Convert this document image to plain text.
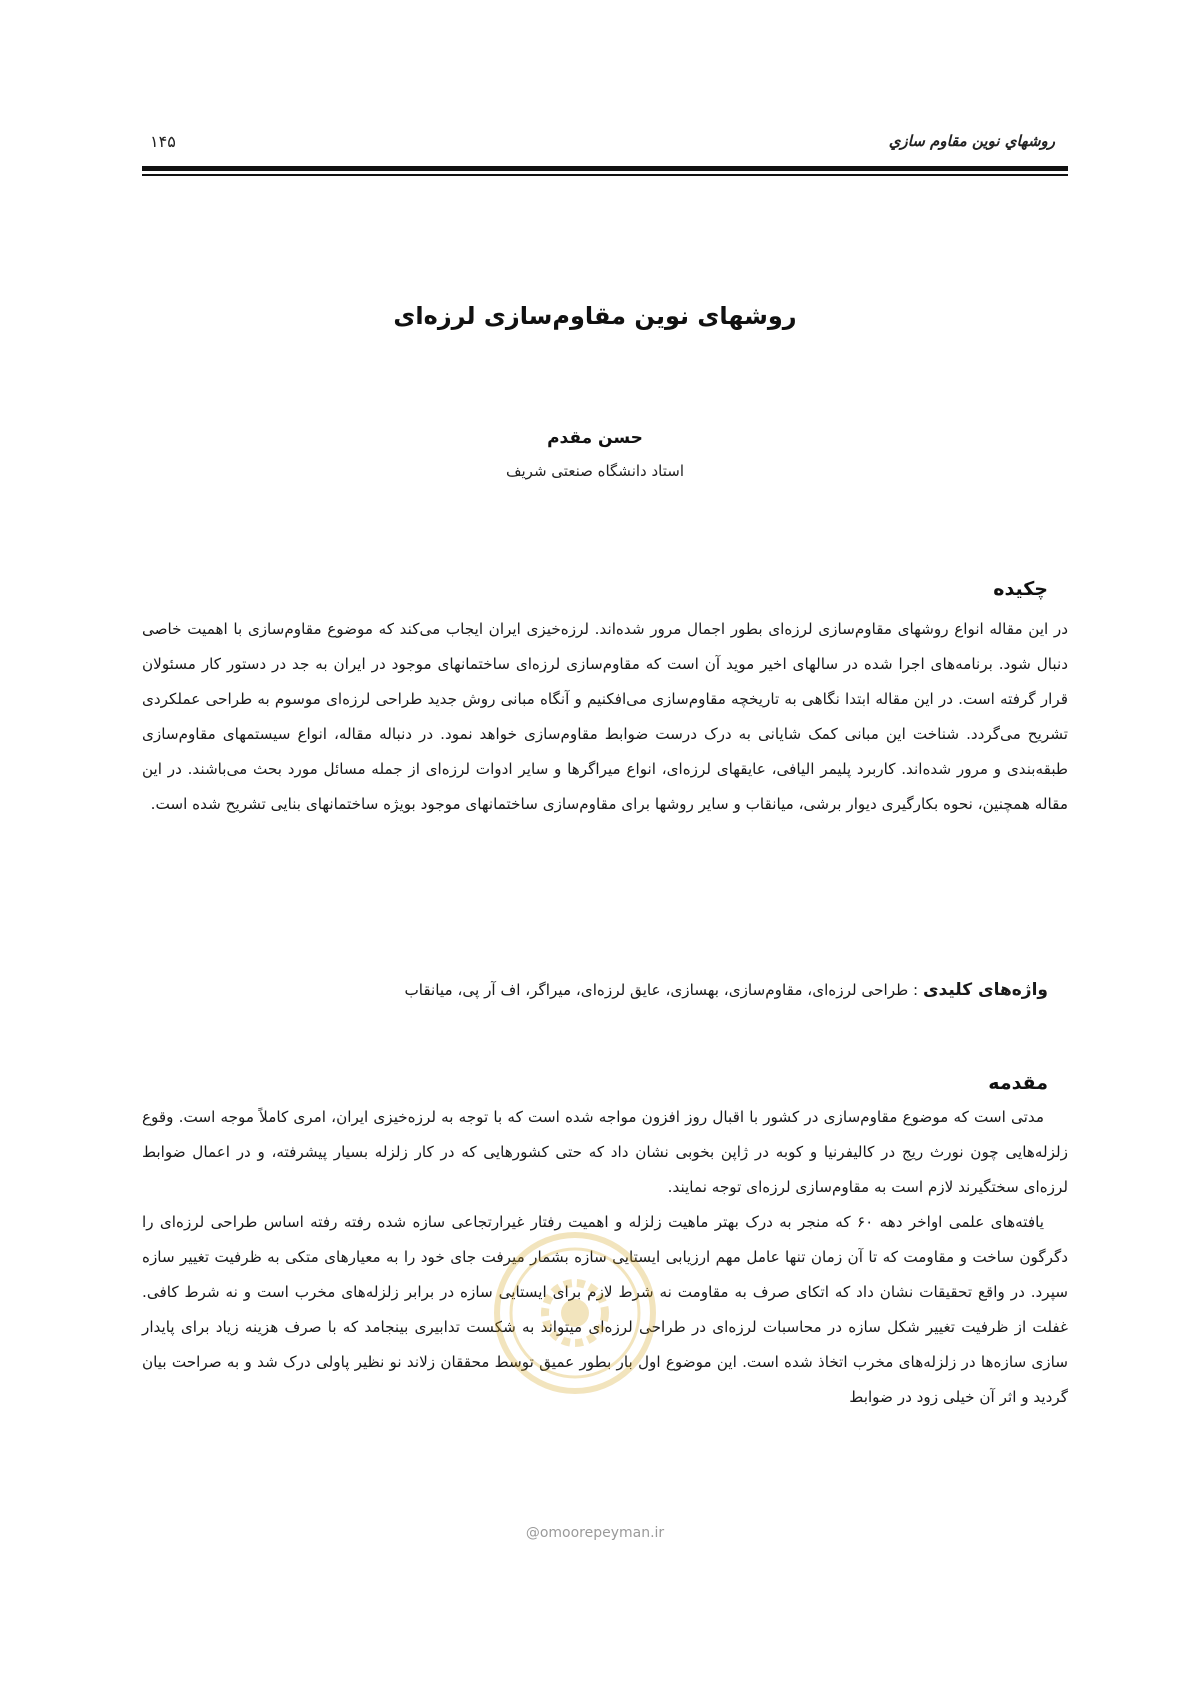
روشهاي نوين مقاوم سازي
۱۴۵
روشهای نوین مقاوم‌سازی لرزه‌ای
حسن مقدم
استاد دانشگاه صنعتی شریف
چکیده

در این مقاله انواع روشهای مقاوم‌سازی لرزه‌ای بطور اجمال مرور شده‌اند. لرزه‌خیزی ایران ایجاب می‌کند که موضوع مقاوم‌سازی با اهمیت خاصی دنبال شود. برنامه‌های اجرا شده در سالهای اخیر موید آن است که مقاوم‌سازی لرزه‌ای ساختمانهای موجود در ایران به جد در دستور کار مسئولان قرار گرفته است. در این مقاله ابتدا نگاهی به تاریخچه مقاوم‌سازی می‌افکنیم و آنگاه مبانی روش جدید طراحی لرزه‌ای موسوم به طراحی عملکردی تشریح می‌گردد. شناخت این مبانی کمک شایانی به درک درست ضوابط مقاوم‌سازی خواهد نمود. در دنباله مقاله، انواع سیستمهای مقاوم‌سازی طبقه‌بندی و مرور شده‌اند. کاربرد پلیمر الیافی، عایقهای لرزه‌ای، انواع میراگرها و سایر ادوات لرزه‌ای از جمله مسائل مورد بحث می‌باشند. در این مقاله همچنین، نحوه بکارگیری دیوار برشی، میانقاب و سایر روشها برای مقاوم‌سازی ساختمانهای موجود بویژه ساختمانهای بنایی تشریح شده است.

واژه‌های کلیدی : طراحی لرزه‌ای، مقاوم‌سازی، بهسازی، عایق لرزه‌ای، میراگر، اف آر پی، میانقاب
مقدمه

مدتی است که موضوع مقاوم‌سازی در کشور با اقبال روز افزون مواجه شده است که با توجه به لرزه‌خیزی ایران، امری کاملاً موجه است. وقوع زلزله‌هایی چون نورث ریج در کالیفرنیا و کوبه در ژاپن بخوبی نشان داد که حتی کشورهایی که در کار زلزله بسیار پیشرفته، و در اعمال ضوابط لرزه‌ای سختگیرند لازم است به مقاوم‌سازی لرزه‌ای توجه نمایند.

یافته‌های علمی اواخر دهه ۶۰ که منجر به درک بهتر ماهیت زلزله و اهمیت رفتار غیرارتجاعی سازه شده رفته رفته اساس طراحی لرزه‌ای را دگرگون ساخت و مقاومت که تا آن زمان تنها عامل مهم ارزیابی ایستایی سازه بشمار میرفت جای خود را به معیارهای متکی به ظرفیت تغییر سازه سپرد. در واقع تحقیقات نشان داد که اتکای صرف به مقاومت نه شرط لازم برای ایستایی سازه در برابر زلزله‌های مخرب است و نه شرط کافی. غفلت از ظرفیت تغییر شکل سازه در محاسبات لرزه‌ای در طراحی لرزه‌ای میتواند به شکست تدابیری بینجامد که با صرف هزینه زیاد برای پایدار سازی سازه‌ها در زلزله‌های مخرب اتخاذ شده است. این موضوع اول بار بطور عمیق توسط محققان زلاند نو نظیر پاولی درک شد و به صراحت بیان گردید و اثر آن خیلی زود در ضوابط

@omoorepeyman.ir
